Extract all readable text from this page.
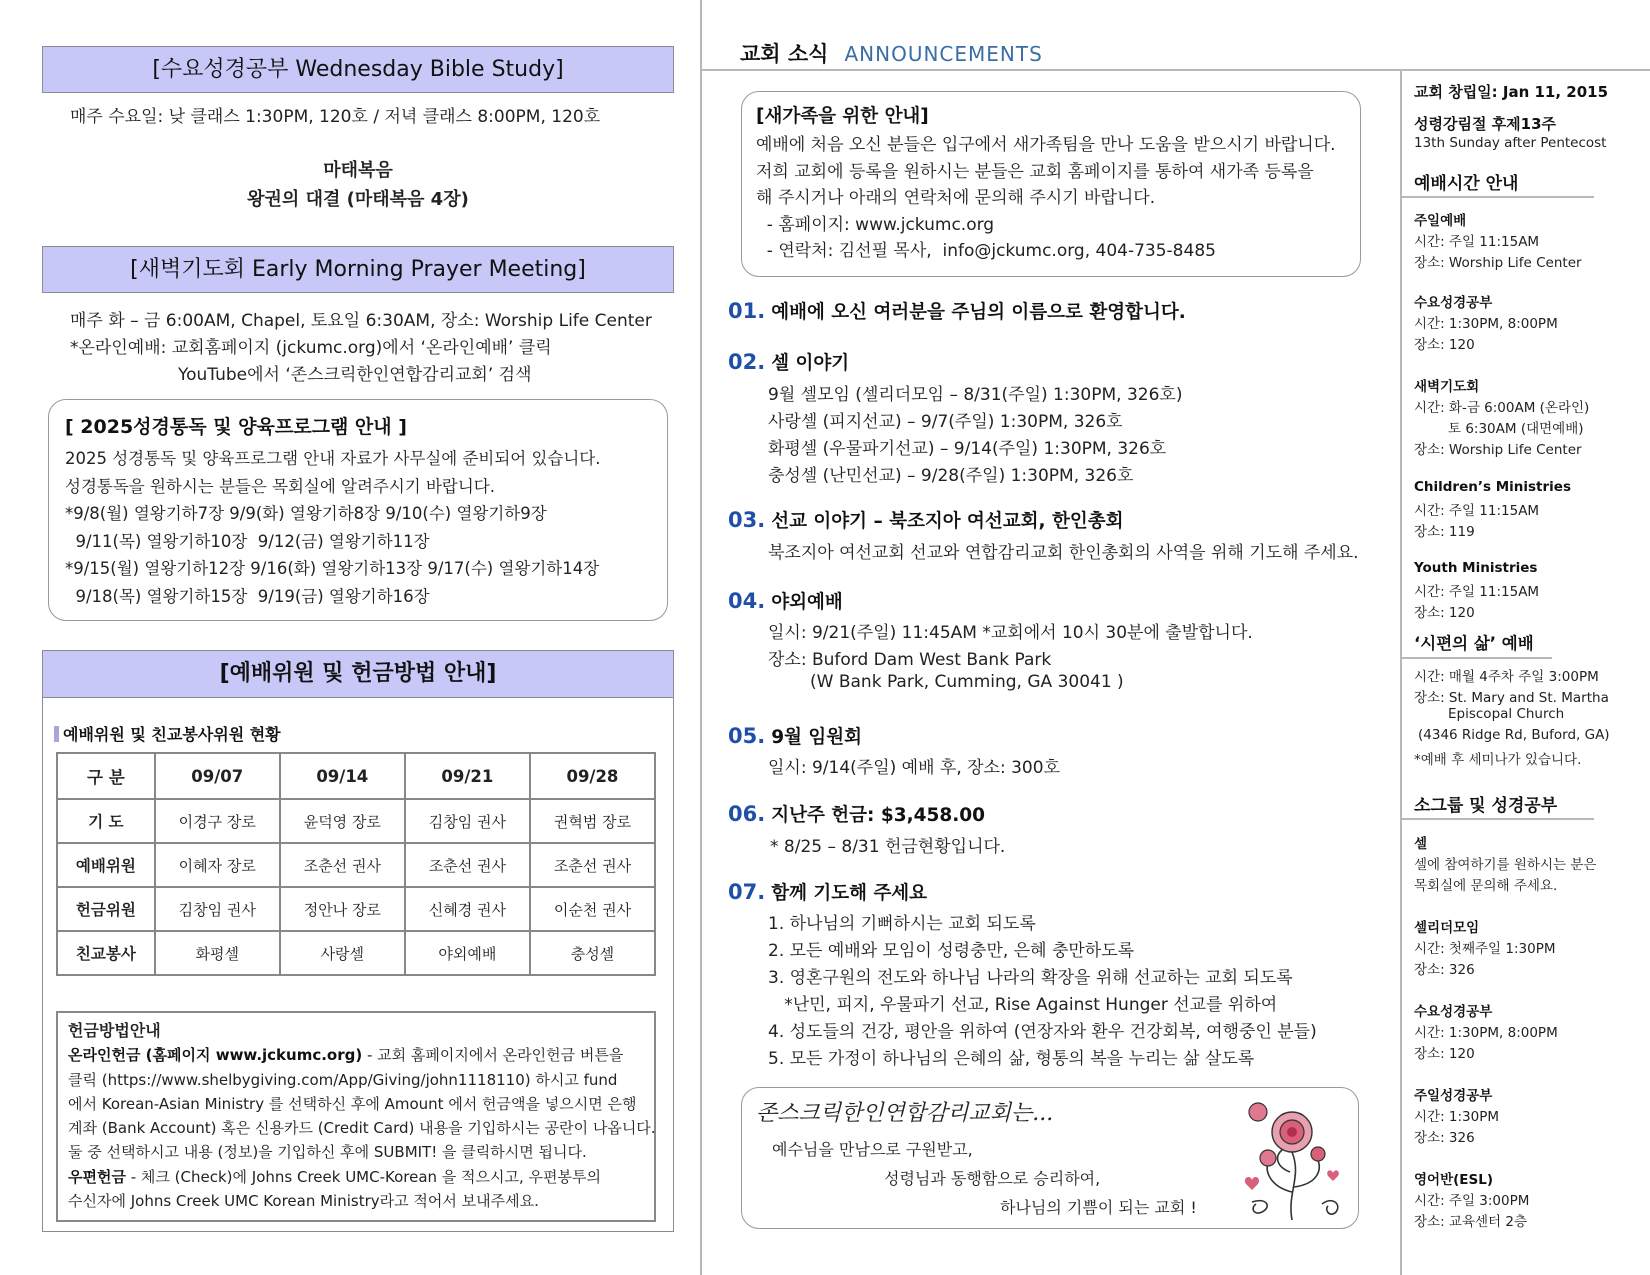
[수요성경공부 Wednesday Bible Study]
매주 수요일: 낮 클래스 1:30PM, 120호 / 저녁 클래스 8:00PM, 120호
마태복음
왕권의 대결 (마태복음 4장)
[새벽기도회 Early Morning Prayer Meeting]
매주 화 – 금 6:00AM, Chapel, 토요일 6:30AM, 장소: Worship Life Center
*온라인예배: 교회홈페이지 (jckumc.org)에서 ‘온라인예배’ 클릭
YouTube에서 ‘존스크릭한인연합감리교회’ 검색
[ 2025성경통독 및 양육프로그램 안내 ]
2025 성경통독 및 양육프로그램 안내 자료가 사무실에 준비되어 있습니다.
성경통독을 원하시는 분들은 목회실에 알려주시기 바랍니다.
*9/8(월) 열왕기하7장 9/9(화) 열왕기하8장 9/10(수) 열왕기하9장
9/11(목) 열왕기하10장  9/12(금) 열왕기하11장
*9/15(월) 열왕기하12장 9/16(화) 열왕기하13장 9/17(수) 열왕기하14장
9/18(목) 열왕기하15장  9/19(금) 열왕기하16장
[예배위원 및 헌금방법 안내]
예배위원 및 친교봉사위원 현황
구 분	09/07	09/14	09/21	09/28
기 도	이경구 장로	윤덕영 장로	김창임 권사	권혁범 장로
예배위원	이혜자 장로	조춘선 권사	조춘선 권사	조춘선 권사
헌금위원	김창임 권사	정안나 장로	신혜경 권사	이순천 권사
친교봉사	화평셀	사랑셀	야외예배	충성셀
헌금방법안내
온라인헌금 (홈페이지 www.jckumc.org) - 교회 홈페이지에서 온라인헌금 버튼을
클릭 (https://www.shelbygiving.com/App/Giving/john1118110) 하시고 fund
에서 Korean-Asian Ministry 를 선택하신 후에 Amount 에서 헌금액을 넣으시면 은행
계좌 (Bank Account) 혹은 신용카드 (Credit Card) 내용을 기입하시는 공란이 나옵니다.
둘 중 선택하시고 내용 (정보)을 기입하신 후에 SUBMIT! 을 클릭하시면 됩니다.
우편헌금 - 체크 (Check)에 Johns Creek UMC-Korean 을 적으시고, 우편봉투의
수신자에 Johns Creek UMC Korean Ministry라고 적어서 보내주세요.
교회 소식 ANNOUNCEMENTS
[새가족을 위한 안내]
예배에 처음 오신 분들은 입구에서 새가족팀을 만나 도움을 받으시기 바랍니다.
저희 교회에 등록을 원하시는 분들은 교회 홈페이지를 통하여 새가족 등록을
해 주시거나 아래의 연락처에 문의해 주시기 바랍니다.
- 홈페이지: www.jckumc.org
- 연락처: 김선필 목사,  info@jckumc.org, 404-735-8485
01. 예배에 오신 여러분을 주님의 이름으로 환영합니다.
02. 셀 이야기
9월 셀모임 (셀리더모임 – 8/31(주일) 1:30PM, 326호)
사랑셀 (피지선교) – 9/7(주일) 1:30PM, 326호
화평셀 (우물파기선교) – 9/14(주일) 1:30PM, 326호
충성셀 (난민선교) – 9/28(주일) 1:30PM, 326호
03. 선교 이야기 – 북조지아 여선교회, 한인총회
북조지아 여선교회 선교와 연합감리교회 한인총회의 사역을 위해 기도해 주세요.
04. 야외예배
일시: 9/21(주일) 11:45AM *교회에서 10시 30분에 출발합니다.
장소: Buford Dam West Bank Park
(W Bank Park, Cumming, GA 30041 )
05. 9월 임원회
일시: 9/14(주일) 예배 후, 장소: 300호
06. 지난주 헌금: $3,458.00
* 8/25 – 8/31 헌금현황입니다.
07. 함께 기도해 주세요
1. 하나님의 기뻐하시는 교회 되도록
2. 모든 예배와 모임이 성령충만, 은혜 충만하도록
3. 영혼구원의 전도와 하나님 나라의 확장을 위해 선교하는 교회 되도록
*난민, 피지, 우물파기 선교, Rise Against Hunger 선교를 위하여
4. 성도들의 건강, 평안을 위하여 (연장자와 환우 건강회복, 여행중인 분들)
5. 모든 가정이 하나님의 은혜의 삶, 형통의 복을 누리는 삶 살도록
존스크릭한인연합감리교회는...
예수님을 만남으로 구원받고,
성령님과 동행함으로 승리하여,
하나님의 기쁨이 되는 교회 !
교회 창립일: Jan 11, 2015
성령강림절 후제13주
13th Sunday after Pentecost
예배시간 안내
주일예배
시간: 주일 11:15AM
장소: Worship Life Center
수요성경공부
시간: 1:30PM, 8:00PM
장소: 120
새벽기도회
시간: 화-금 6:00AM (온라인)
토 6:30AM (대면예배)
장소: Worship Life Center
Children’s Ministries
시간: 주일 11:15AM
장소: 119
Youth Ministries
시간: 주일 11:15AM
장소: 120
‘시편의 삶’ 예배
시간: 매월 4주차 주일 3:00PM
장소: St. Mary and St. Martha
Episcopal Church
(4346 Ridge Rd, Buford, GA)
*예배 후 세미나가 있습니다.
소그룹 및 성경공부
셀
셀에 참여하기를 원하시는 분은
목회실에 문의해 주세요.
셀리더모임
시간: 첫째주일 1:30PM
장소: 326
수요성경공부
시간: 1:30PM, 8:00PM
장소: 120
주일성경공부
시간: 1:30PM
장소: 326
영어반(ESL)
시간: 주일 3:00PM
장소: 교육센터 2층
